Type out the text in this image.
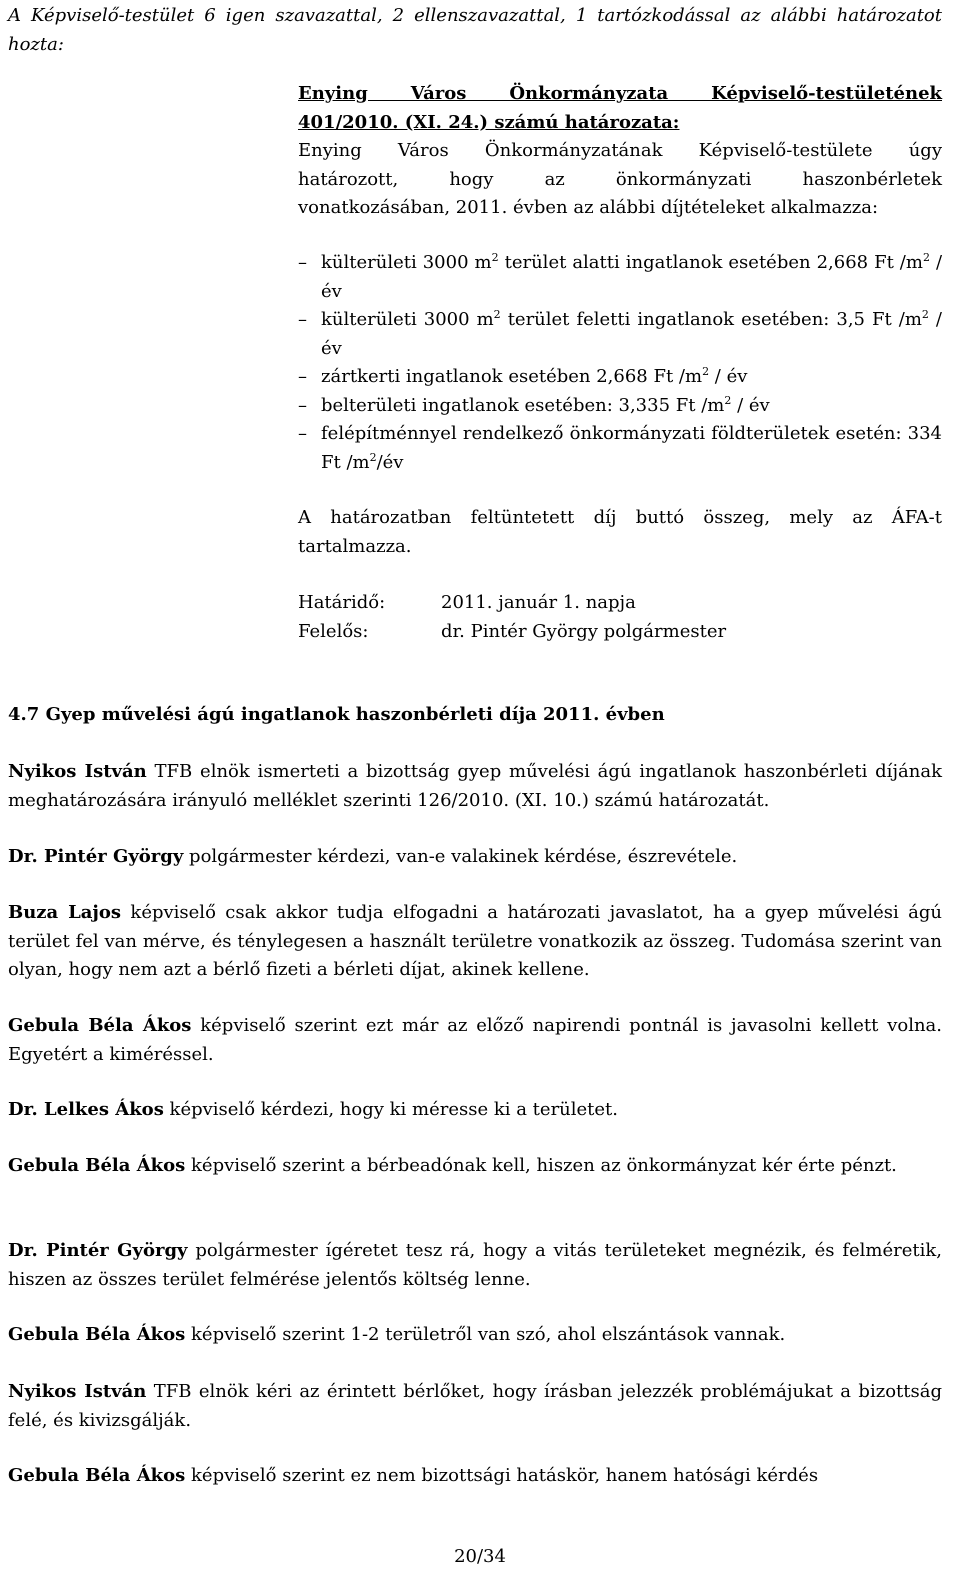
A Képviselő-testület 6 igen szavazattal, 2 ellenszavazattal, 1 tartózkodással az alábbi határozatot hozta:

Enying Város Önkormányzata Képviselő-testületének
401/2010. (XI. 24.) számú határozata:

Enying Város Önkormányzatának Képviselő-testülete úgy
határozott, hogy az önkormányzati haszonbérletek
vonatkozásában, 2011. évben az alábbi díjtételeket alkalmazza:

– külterületi 3000 $m^2$ terület alatti ingatlanok esetében 2,668 Ft $/m^2$ / év
– külterületi 3000 $m^2$ terület feletti ingatlanok esetében: 3,5 Ft $/m^2$ / év
– zártkerti ingatlanok esetében 2,668 Ft $/m^2$ / év
– belterületi ingatlanok esetében: 3,335 Ft $/m^2$ / év
– felépítménnyel rendelkező önkormányzati földterületek esetén: 334 Ft $/m^2/év$

A határozatban feltüntetett díj buttó összeg, mely az ÁFA-t tartalmazza.

Határidő:	2011. január 1. napja
Felelős:	dr. Pintér György polgármester

4.7 Gyep művelési ágú ingatlanok haszonbérleti díja 2011. évben

Nyikos István TFB elnök ismerteti a bizottság gyep művelési ágú ingatlanok haszonbérleti díjának meghatározására irányuló melléklet szerinti 126/2010. (XI. 10.) számú határozatát.

Dr. Pintér György polgármester kérdezi, van-e valakinek kérdése, észrevétele.

Buza Lajos képviselő csak akkor tudja elfogadni a határozati javaslatot, ha a gyep művelési ágú terület fel van mérve, és ténylegesen a használt területre vonatkozik az összeg. Tudomása szerint van olyan, hogy nem azt a bérlő fizeti a bérleti díjat, akinek kellene.

Gebula Béla Ákos képviselő szerint ezt már az előző napirendi pontnál is javasolni kellett volna. Egyetért a kiméréssel.

Dr. Lelkes Ákos képviselő kérdezi, hogy ki méresse ki a területet.

Gebula Béla Ákos képviselő szerint a bérbeadónak kell, hiszen az önkormányzat kér érte pénzt.

Dr. Pintér György polgármester ígéretet tesz rá, hogy a vitás területeket megnézik, és felméretik, hiszen az összes terület felmérése jelentős költség lenne.

Gebula Béla Ákos képviselő szerint 1-2 területről van szó, ahol elszántások vannak.

Nyikos István TFB elnök kéri az érintett bérlőket, hogy írásban jelezzék problémájukat a bizottság felé, és kivizsgálják.

Gebula Béla Ákos képviselő szerint ez nem bizottsági hatáskör, hanem hatósági kérdés

20/34
